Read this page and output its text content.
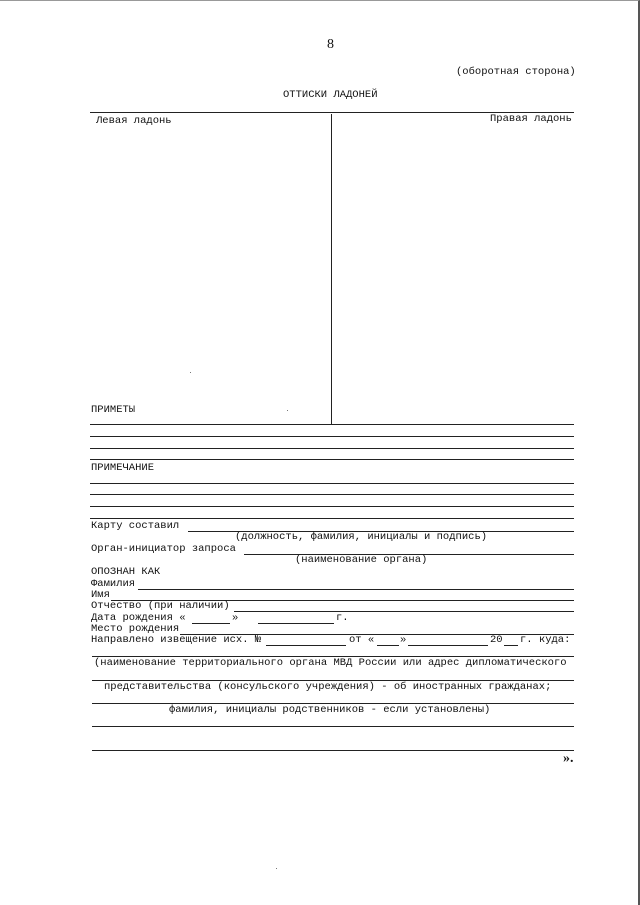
8
(оборотная сторона)
ОТТИСКИ ЛАДОНЕЙ
Левая ладонь	Правая ладонь
ПРИМЕТЫ
ПРИМЕЧАНИЕ
Карту составил
(должность, фамилия, инициалы и подпись)
Орган-инициатор запроса
(наименование органа)
ОПОЗНАН КАК
Фамилия
Имя
Отчество (при наличии)
Дата рождения «	»	г.
Место рождения
Направлено извещение исх. №	от « »	20 г. куда:
(наименование территориального органа МВД России или адрес дипломатического
представительства (консульского учреждения) - об иностранных гражданах;
фамилия, инициалы родственников - если установлены)
».
